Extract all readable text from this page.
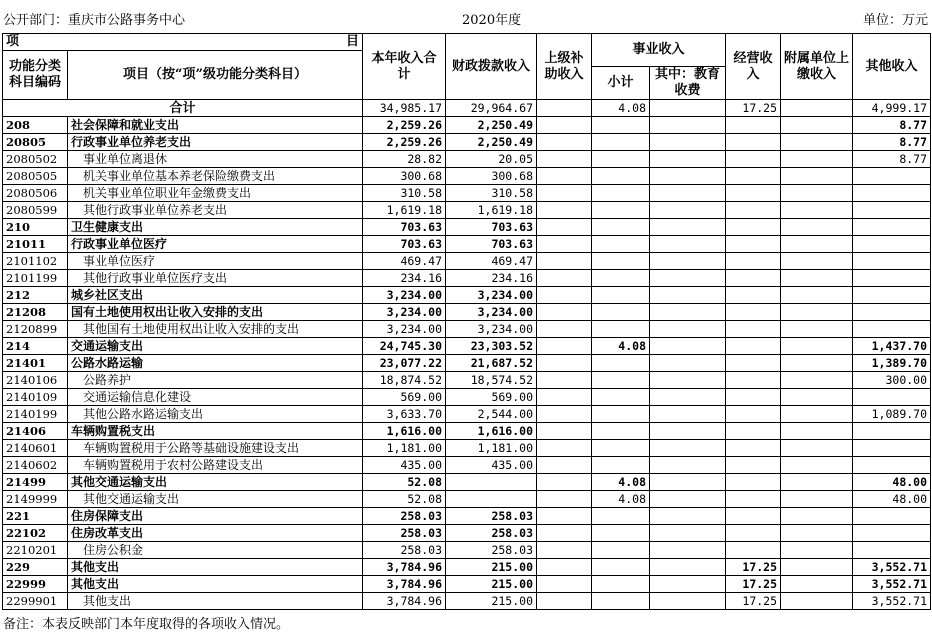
公开部门：重庆市公路事务中心	2020年度	单位：万元
项 目		本年收入合计	财政拨款收入	上级补助收入	事业收入		经营收入	附属单位上缴收入	其他收入
功能分类科目编码	项目（按“项”级功能分类科目）								
					小计	其中：教育收费			
合计		34,985.17	29,964.67		4.08		17.25		4,999.17
208	社会保障和就业支出	2,259.26	2,250.49						8.77
20805	行政事业单位养老支出	2,259.26	2,250.49						8.77
2080502	事业单位离退休	28.82	20.05						8.77
2080505	机关事业单位基本养老保险缴费支出	300.68	300.68						
2080506	机关事业单位职业年金缴费支出	310.58	310.58						
2080599	其他行政事业单位养老支出	1,619.18	1,619.18						
210	卫生健康支出	703.63	703.63						
21011	行政事业单位医疗	703.63	703.63						
2101102	事业单位医疗	469.47	469.47						
2101199	其他行政事业单位医疗支出	234.16	234.16						
212	城乡社区支出	3,234.00	3,234.00						
21208	国有土地使用权出让收入安排的支出	3,234.00	3,234.00						
2120899	其他国有土地使用权出让收入安排的支出	3,234.00	3,234.00						
214	交通运输支出	24,745.30	23,303.52		4.08				1,437.70
21401	公路水路运输	23,077.22	21,687.52						1,389.70
2140106	公路养护	18,874.52	18,574.52						300.00
2140109	交通运输信息化建设	569.00	569.00						
2140199	其他公路水路运输支出	3,633.70	2,544.00						1,089.70
21406	车辆购置税支出	1,616.00	1,616.00						
2140601	车辆购置税用于公路等基础设施建设支出	1,181.00	1,181.00						
2140602	车辆购置税用于农村公路建设支出	435.00	435.00						
21499	其他交通运输支出	52.08			4.08				48.00
2149999	其他交通运输支出	52.08			4.08				48.00
221	住房保障支出	258.03	258.03						
22102	住房改革支出	258.03	258.03						
2210201	住房公积金	258.03	258.03						
229	其他支出	3,784.96	215.00				17.25		3,552.71
22999	其他支出	3,784.96	215.00				17.25		3,552.71
2299901	其他支出	3,784.96	215.00				17.25		3,552.71
备注：本表反映部门本年度取得的各项收入情况。
